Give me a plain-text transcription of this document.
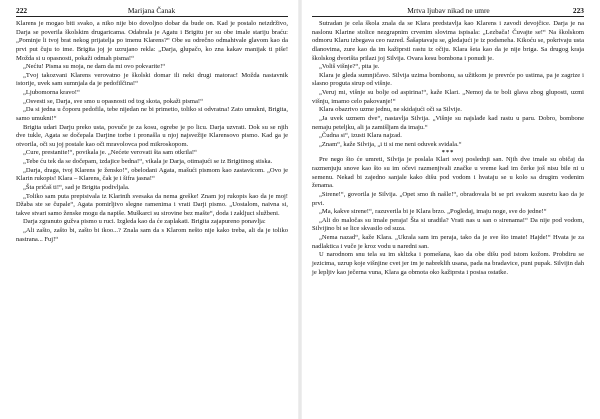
222	Marijana Čanak

Klarens je mogao biti svako, a niko nije bio dovoljno dobar da bude on. Kad je postalo neizdrživo, Darja se poverila školskim drugaricama. Odabrala je Agatu i Brigitu jer su obe imale stariju braću: „Pominje li tvoj brat nekog prijatelja po imenu Klarens?“ Obe su odrečno odmahivale glavom kao da prvi put čuju to ime. Brigita joj je uzrujano rekla: „Darja, glupačo, ko zna kakav manijak ti piše! Možda si u opasnosti, pokaži odmah pisma!“

„Nećiu! Pisma su moja, ne dam da mi ovo pokvarite!“

„Tvoj takozvani Klarens verovatno je školski domar ili neki drugi matorac! Možda nastavnik istorije, uvek sam sumnjala da je pedofilčina!“

„Ljubomorna kravo!“

„Osvesti se, Darja, sve smo u opasnosti od tog skota, pokaži pisma!“

„Da si jedna u čoporu pedofila, tebe nijedan ne bi primetio, toliko si odvratna! Zato umukni, Brigita, samo umukni!“

Brigita udari Darju preko usta, povuče je za kosu, ogrebe je po licu. Darja uzvrati. Dok su se njih dve tukle, Agata se dočepala Darjine torbe i pronašla u njoj najsvežije Klarensovo pismo. Kad ga je otvorila, oči su joj postale kao oči mravolovca pod mikroskopom.

„Cure, prestanite!“, povikala je. „Nećete verovati šta sam otkrila!“

„Tebe ću tek da se dočepam, izdajice bedna!“, vikala je Darja, otimajući se iz Brigitinog stiska.

„Darja, draga, tvoj Klarens je žensko!“, obelodani Agata, mašući pismom kao zastavicom. „Ovo je Klarin rukopis! Klara – Klarens, čak je i šifra jasna!“

„Šta pričaš ti!“, sad je Brigita podivljala.

„Toliko sam puta prepisivala iz Klarinih svesaka da nema greške! Znam joj rukopis kao da je moj! Džaba ste se čupale“, Agata pomirljivo slegne ramenima i vrati Darji pismo. „Uostalom, naivna si, takve stvari samo ženske mogu da napiše. Muškarci su sirovine bez mašte“, doda i zakljuci službeni.

Darja zgranuto gužva pismo u ruci. Izgleda kao da će zaplakati. Brigita zajapureno ponavlja:

„Ali zašto, zašto bi, zašto bi ikoo...? Znala sam da s Klarom nešto nije kako treba, ali da je toliko nastrana... Fuj!“

Mrtva ljubav nikad ne umre	223

Sutradan je cela škola znala da se Klara predstavlja kao Klarens i zavodi devojčice. Darja je na naslonu Klarine stolice nezgrapnim crvenim slovima ispisala: „Lezbača! Čuvajte se!“ Na školskom odmoru Klaru izbegava ceo razred. Šašaptavaju se, gledajući je iz podsmeha. Kikoću se, pokrivaju usta dlanovima, zure kao da im kažiprsti rastu iz očiju. Klara šeta kao da je nije briga. Sa drugog kraja školskog dvorišta prilazi joj Silvija. Ovara kesu bombona i ponudi je.

„Voliš višnje?“, pita je.

Klara je gleda sumnjičavo. Silvija uzima bombonu, sa užitkom je prevrće po ustima, pa je zagrize i slasno proguta sirup od višnje.

„Veruj mi, višnje su bolje od aspirina!“, kaže Klari. „Nemoj da te boli glava zbog gluposti, uzmi višnju, imamo celo pakovanje!“

Klara obazrivo uzme jednu, ne skidajući oči sa Silvije.

„Ja uvek uzmem dve“, nastavlja Silvija. „Višnje su najslađe kad rastu u paru. Dobro, bombone nemaju peteljku, ali ja zamišljam da imaju.“

„Čudna si“, izusti Klara najzad.

„Znam“, kaže Silvija, „i ti si me neni oduvek svidala.“

***

Pre nego što će umreti, Silvija je poslala Klari svoj poslednji san. Njih dve imale su običaj da razmenjuju snove kao što su im očevi razmenjivali značke u vreme kad im čerke još nisu bile ni u semenu. Nekad bi zajedno sanjale kako dišu pod vodom i hvataju se u kolo sa drugim vodenim ženama.

„Sirene!“, govorila je Silvija. „Opet smo ih našle!“, obradovala bi se pri svakom susretu kao da je prvi.

„Ma, kakve sirene!“, razuverila bi je Klara brzo. „Pogledaj, imaju noge, sve do jedne!“

„Ali do maločas su imale peraja! Šta si uradila? Vrati nas u san o sirenama!“ Da nije pod vodom, Silvijino bi se lice skvasilo od suza.

„Nema nazad“, kaže Klara. „Ukrala sam im peraja, tako da je sve što imate! Hajde!“ Hvata je za nadlaktica i vuče je kroz vodu u naredni san.

U narodnom snu tela su im sklizka i pomešana, kao da obe dišu pod istom kožom. Probdiru se jezicima, uzrup koje višnjine cvet jer im je nabreklih usana, pada na bradavice, puni pupak. Silvijin dah je lepljiv kao ječerna vuna, Klara ga obmota oko kažiprsta i posisa ostatke.
